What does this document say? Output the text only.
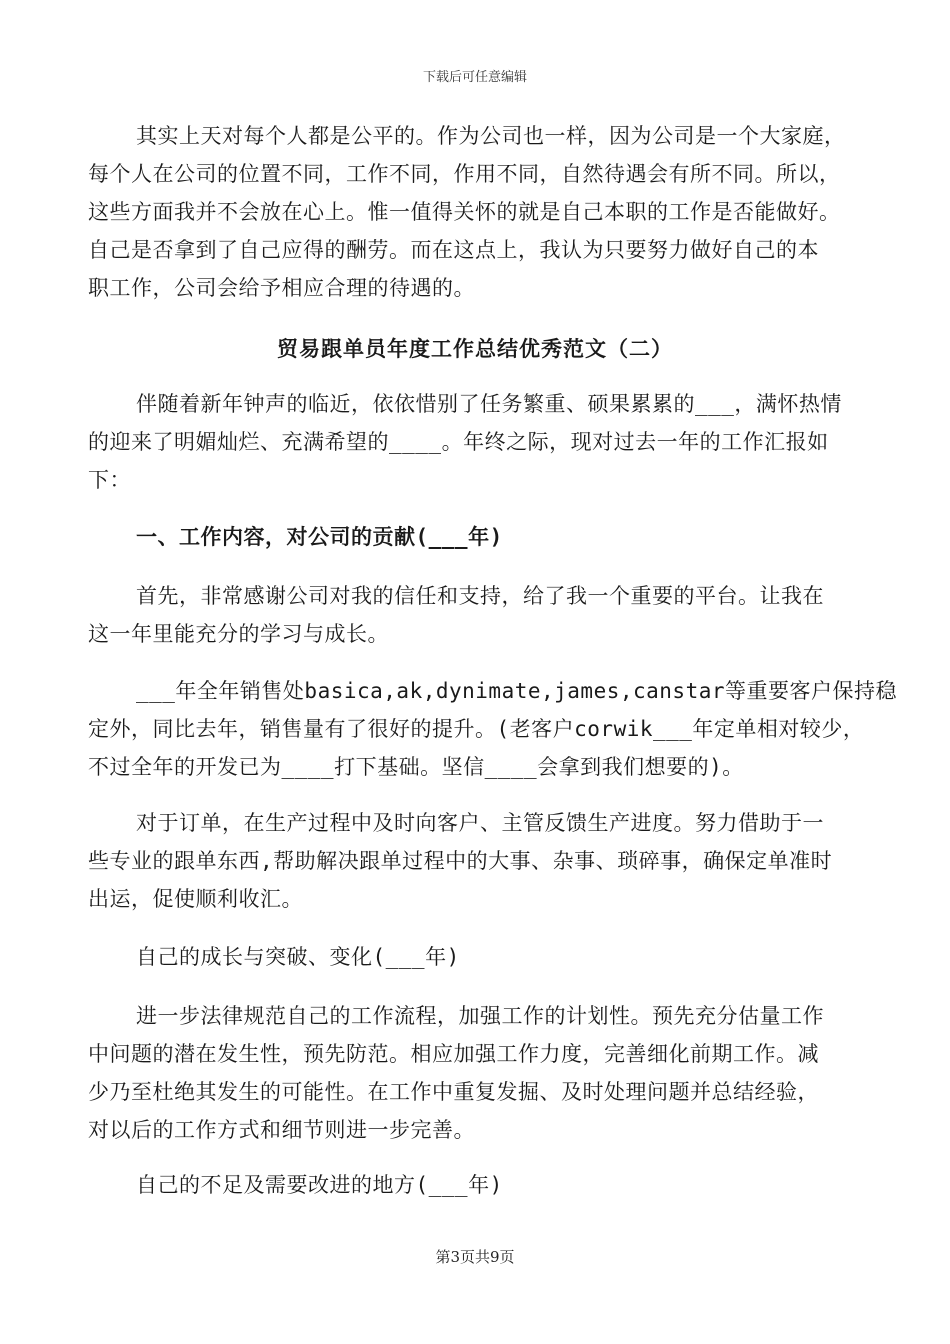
下载后可任意编辑
其实上天对每个人都是公平的。作为公司也一样，因为公司是一个大家庭，
每个人在公司的位置不同，工作不同，作用不同，自然待遇会有所不同。所以，
这些方面我并不会放在心上。惟一值得关怀的就是自己本职的工作是否能做好。
自己是否拿到了自己应得的酬劳。而在这点上，我认为只要努力做好自己的本
职工作，公司会给予相应合理的待遇的。
贸易跟单员年度工作总结优秀范文（二）
伴随着新年钟声的临近，依依惜别了任务繁重、硕果累累的___，满怀热情
的迎来了明媚灿烂、充满希望的____。年终之际，现对过去一年的工作汇报如
下：
一、工作内容，对公司的贡献(___年)
首先，非常感谢公司对我的信任和支持，给了我一个重要的平台。让我在
这一年里能充分的学习与成长。
___年全年销售处basica,ak,dynimate,james,canstar等重要客户保持稳
定外，同比去年，销售量有了很好的提升。(老客户corwik___年定单相对较少，
不过全年的开发已为____打下基础。坚信____会拿到我们想要的)。
对于订单，在生产过程中及时向客户、主管反馈生产进度。努力借助于一
些专业的跟单东西,帮助解决跟单过程中的大事、杂事、琐碎事，确保定单准时
出运，促使顺利收汇。
自己的成长与突破、变化(___年)
进一步法律规范自己的工作流程，加强工作的计划性。预先充分估量工作
中问题的潜在发生性，预先防范。相应加强工作力度，完善细化前期工作。减
少乃至杜绝其发生的可能性。在工作中重复发掘、及时处理问题并总结经验，
对以后的工作方式和细节则进一步完善。
自己的不足及需要改进的地方(___年)
第3页共9页
